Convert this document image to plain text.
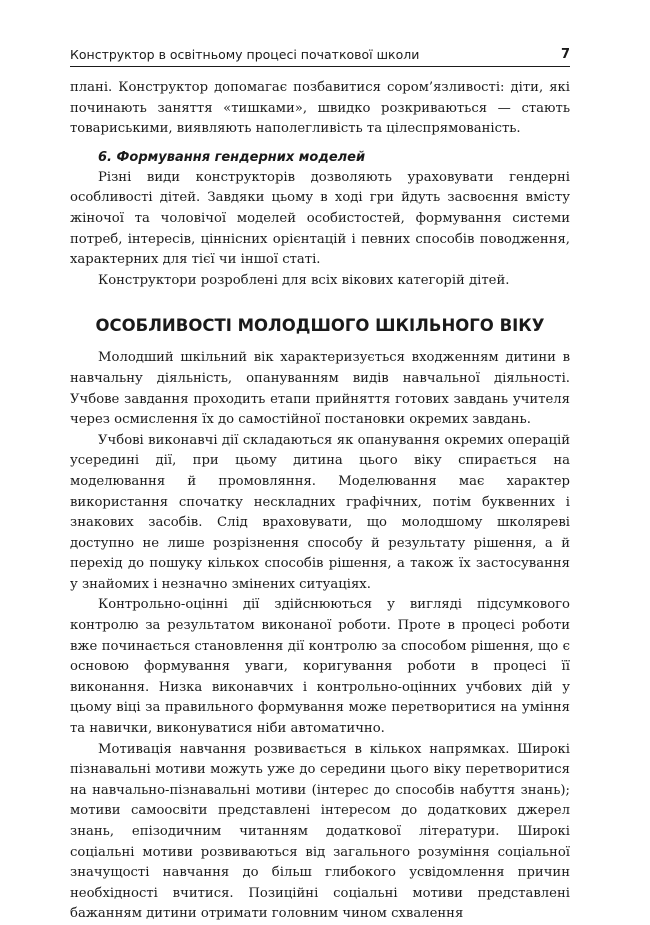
Конструктор в освітньому процесі початкової школи	7

плані. Конструктор допомагає позбавитися сором’язливості: діти, які починають заняття «тишками», швидко розкриваються — стають товариськими, виявляють наполегливість та цілеспрямованість.

6. Формування гендерних моделей

Різні види конструкторів дозволяють ураховувати гендерні особливості дітей. Завдяки цьому в ході гри йдуть засвоєння вмісту жіночої та чоловічої моделей особистостей, формування системи потреб, інтересів, ціннісних орієнтацій і певних способів поводження, характерних для тієї чи іншої статі.

Конструктори розроблені для всіх вікових категорій дітей.

ОСОБЛИВОСТІ МОЛОДШОГО ШКІЛЬНОГО ВІКУ

Молодший шкільний вік характеризується входженням дитини в навчальну діяльність, опануванням видів навчальної діяльності. Учбове завдання проходить етапи прийняття готових завдань учителя через осмислення їх до самостійної постановки окремих завдань.

Учбові виконавчі дії складаються як опанування окремих операцій усередині дії, при цьому дитина цього віку спирається на моделювання й промовляння. Моделювання має характер використання спочатку нескладних графічних, потім буквенних і знакових засобів. Слід враховувати, що молодшому школяреві доступно не лише розрізнення способу й результату рішення, а й перехід до пошуку кількох способів рішення, а також їх застосування у знайомих і незначно змінених ситуаціях.

Контрольно-оцінні дії здійснюються у вигляді підсумкового контролю за результатом виконаної роботи. Проте в процесі роботи вже починається становлення дії контролю за способом рішення, що є основою формування уваги, коригування роботи в процесі її виконання. Низка виконавчих і контрольно-оцінних учбових дій у цьому віці за правильного формування може перетворитися на уміння та навички, виконуватися ніби автоматично.

Мотивація навчання розвивається в кількох напрямках. Широкі пізнавальні мотиви можуть уже до середини цього віку перетворитися на навчально-пізнавальні мотиви (інтерес до способів набуття знань); мотиви самоосвіти представлені інтересом до додаткових джерел знань, епізодичним читанням додаткової літератури. Широкі соціальні мотиви розвиваються від загального розуміння соціальної значущості навчання до більш глибокого усвідомлення причин необхідності вчитися. Позиційні соціальні мотиви представлені бажанням дитини отримати головним чином схвалення
